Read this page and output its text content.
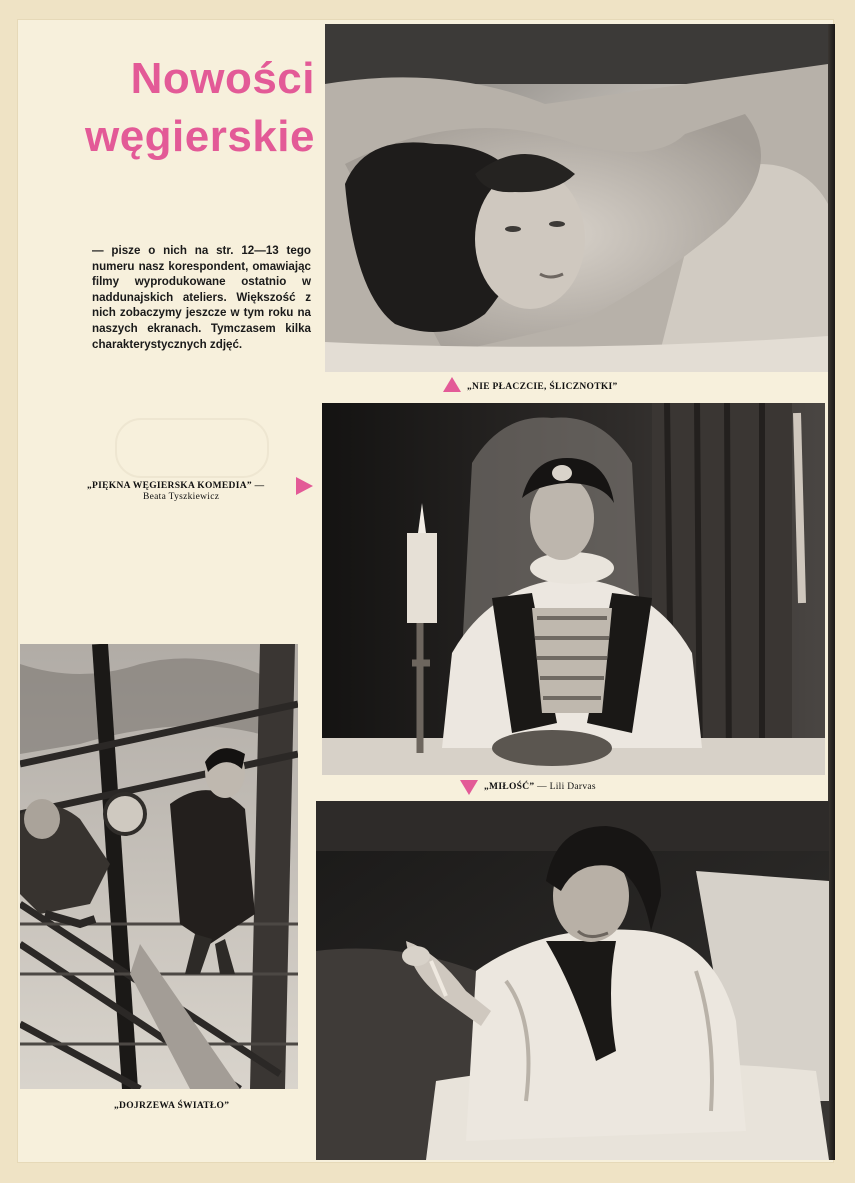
Nowości
węgierskie
— pisze o nich na str. 12—13 tego numeru nasz korespondent, omawiając filmy wyprodukowane ostatnio w naddunajskich ateliers. Większość z nich zobaczymy jeszcze w tym roku na naszych ekranach. Tymczasem kilka charakterystycznych zdjęć.
„NIE PŁACZCIE, ŚLICZNOTKI”
„PIĘKNA WĘGIERSKA KOMEDIA” —
Beata Tyszkiewicz
„MIŁOŚĆ” — Lili Darvas
„DOJRZEWA ŚWIATŁO”
